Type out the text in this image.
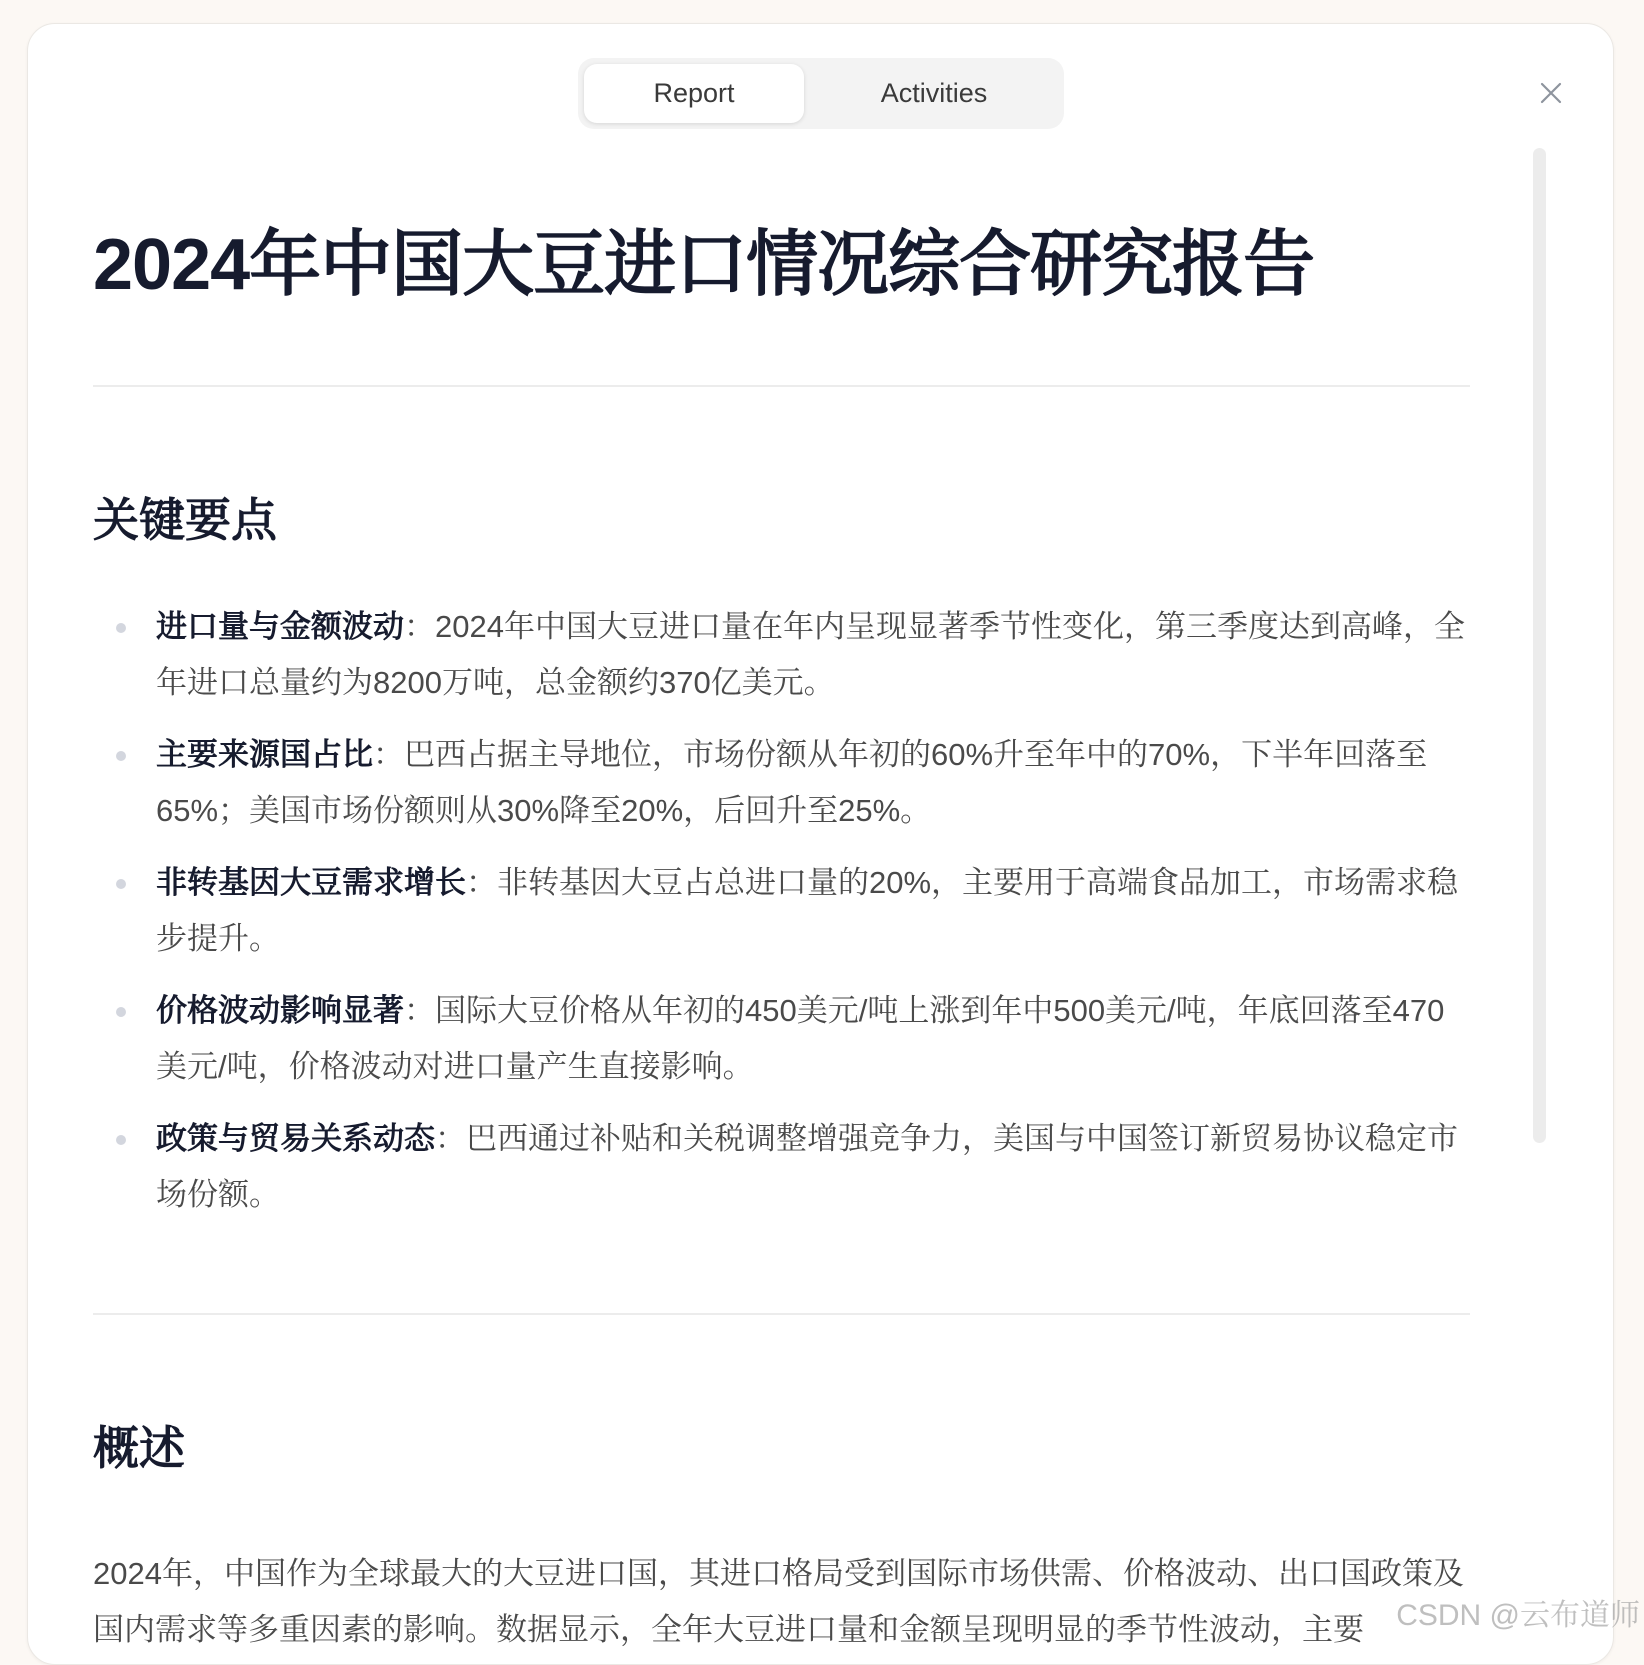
Report	Activities
2024年中国大豆进口情况综合研究报告
关键要点
进口量与金额波动：2024年中国大豆进口量在年内呈现显著季节性变化，第三季度达到高峰，全年进口总量约为8200万吨，总金额约370亿美元。
主要来源国占比：巴西占据主导地位，市场份额从年初的60%升至年中的70%，下半年回落至65%；美国市场份额则从30%降至20%，后回升至25%。
非转基因大豆需求增长：非转基因大豆占总进口量的20%，主要用于高端食品加工，市场需求稳步提升。
价格波动影响显著：国际大豆价格从年初的450美元/吨上涨到年中500美元/吨，年底回落至470美元/吨，价格波动对进口量产生直接影响。
政策与贸易关系动态：巴西通过补贴和关税调整增强竞争力，美国与中国签订新贸易协议稳定市场份额。
概述

2024年，中国作为全球最大的大豆进口国，其进口格局受到国际市场供需、价格波动、出口国政策及国内需求等多重因素的影响。数据显示，全年大豆进口量和金额呈现明显的季节性波动，主要	CSDN @云布道师
